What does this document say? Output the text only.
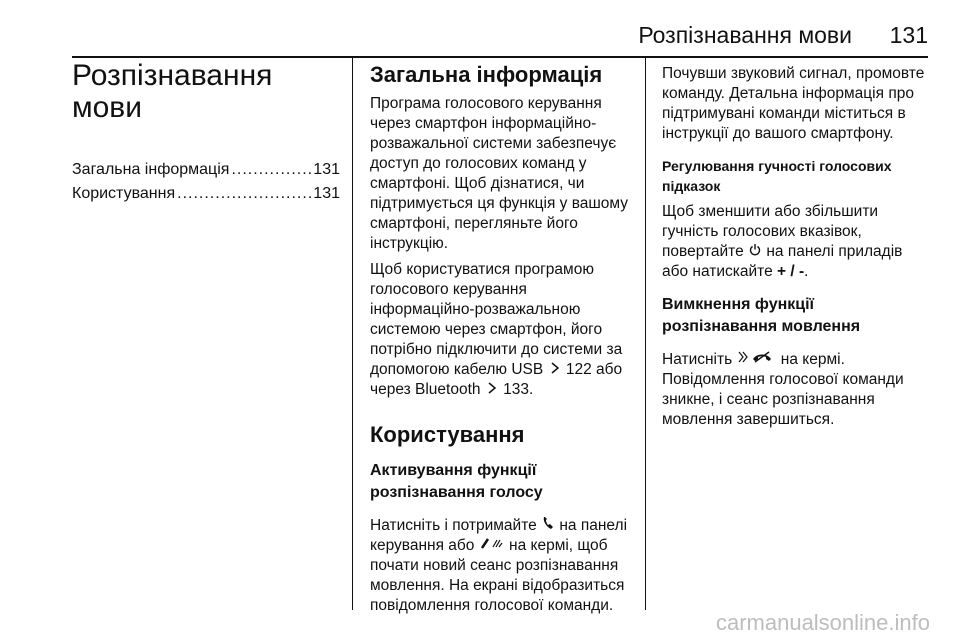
Розпізнавання мови 131
Розпізнавання
мови
Загальна інформація .....	131
Користування .....	131
Загальна інформація

Програма голосового керування через смартфон інформаційно-розважальної системи забезпечує доступ до голосових команд у смартфоні. Щоб дізнатися, чи підтримується ця функція у вашому смартфоні, перегляньте його інструкцію.

Щоб користуватися програмою голосового керування інформаційно-розважальною системою через смартфон, його потрібно підключити до системи за допомогою кабелю USB 122 або через Bluetooth 133.

Користування
Активування функції
розпізнавання голосу

Натисніть і потримайте на панелі керування або на кермі, щоб почати новий сеанс розпізнавання мовлення. На екрані відобразиться повідомлення голосової команди.

Почувши звуковий сигнал, промовте команду. Детальна інформація про підтримувані команди міститься в інструкції до вашого смартфону.

Регулювання гучності голосових
підказок

Щоб зменшити або збільшити гучність голосових вказівок, повертайте на панелі приладів або натискайте + / -.

Вимкнення функції
розпізнавання мовлення

Натисніть	на кермі.

Повідомлення голосової команди зникне, і сеанс розпізнавання мовлення завершиться.

carmanualsonline.info
